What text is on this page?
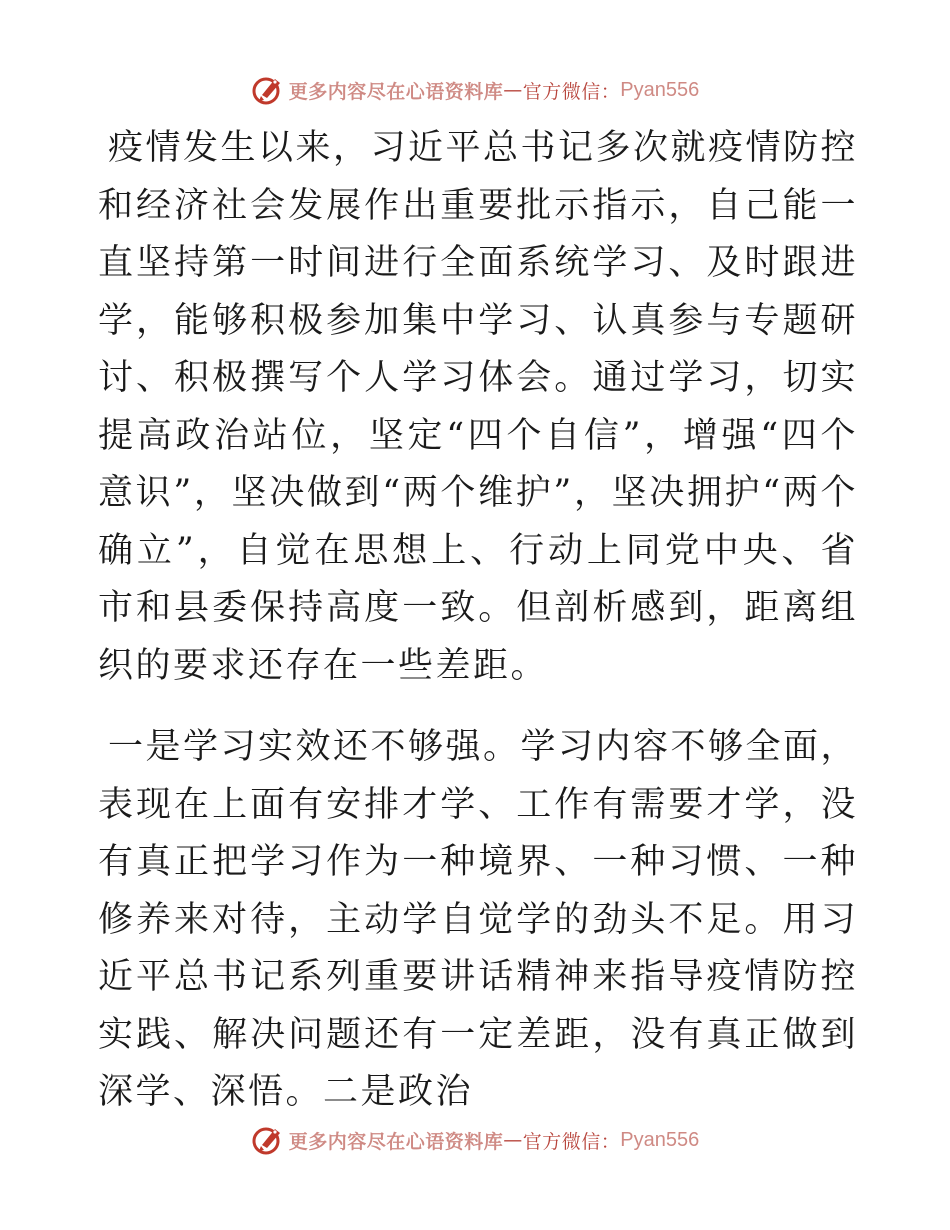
更多内容尽在心语资料库 — 官方微信： Pyan556

疫情发生以来，习近平总书记多次就疫情防控和经济社会发展作出重要批示指示，自己能一直坚持第一时间进行全面系统学习、及时跟进学，能够积极参加集中学习、认真参与专题研讨、积极撰写个人学习体会。通过学习，切实提高政治站位，坚定“四个自信”，增强“四个意识”，坚决做到“两个维护”，坚决拥护“两个确立”，自觉在思想上、行动上同党中央、省市和县委保持高度一致。但剖析感到，距离组织的要求还存在一些差距。

一是学习实效还不够强。学习内容不够全面，表现在上面有安排才学、工作有需要才学，没有真正把学习作为一种境界、一种习惯、一种修养来对待，主动学自觉学的劲头不足。用习近平总书记系列重要讲话精神来指导疫情防控实践、解决问题还有一定差距，没有真正做到深学、深悟。二是政治

更多内容尽在心语资料库 — 官方微信： Pyan556
